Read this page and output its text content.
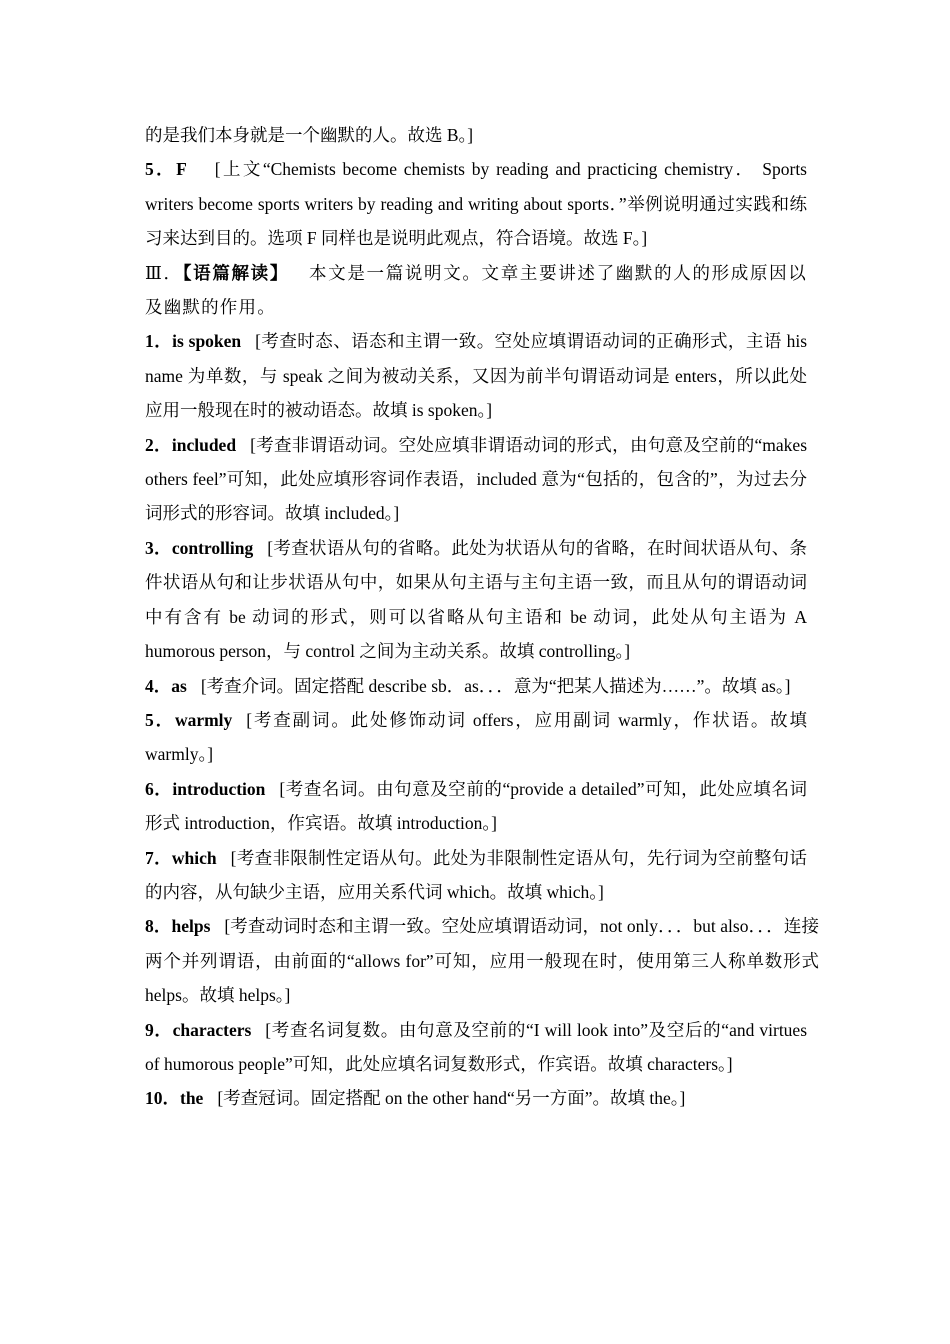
的是我们本身就是一个幽默的人。故选 B。]

5．F [上文“Chemists become chemists by reading and practicing chemistry． Sports writers become sports writers by reading and writing about sports．”举例说明通过实践和练习来达到目的。选项 F 同样也是说明此观点，符合语境。故选 F。]

Ⅲ．【语篇解读】 本文是一篇说明文。文章主要讲述了幽默的人的形成原因以及幽默的作用。

1．is spoken [考查时态、语态和主谓一致。空处应填谓语动词的正确形式，主语 his name 为单数，与 speak 之间为被动关系，又因为前半句谓语动词是 enters，所以此处应用一般现在时的被动语态。故填 is spoken。]

2．included [考查非谓语动词。空处应填非谓语动词的形式，由句意及空前的“makes others feel”可知，此处应填形容词作表语，included 意为“包括的，包含的”，为过去分词形式的形容词。故填 included。]

3．controlling [考查状语从句的省略。此处为状语从句的省略，在时间状语从句、条件状语从句和让步状语从句中，如果从句主语与主句主语一致，而且从句的谓语动词中有含有 be 动词的形式，则可以省略从句主语和 be 动词，此处从句主语为 A humorous person，与 control 之间为主动关系。故填 controlling。]

4．as [考查介词。固定搭配 describe sb．as．．．意为“把某人描述为……”。故填 as。]

5．warmly [考查副词。此处修饰动词 offers，应用副词 warmly，作状语。故填 warmly。]

6．introduction [考查名词。由句意及空前的“provide a detailed”可知，此处应填名词形式 introduction，作宾语。故填 introduction。]

7．which [考查非限制性定语从句。此处为非限制性定语从句，先行词为空前整句话的内容，从句缺少主语，应用关系代词 which。故填 which。]

8．helps [考查动词时态和主谓一致。空处应填谓语动词，not only．．．but also．．．连接两个并列谓语，由前面的“allows for”可知，应用一般现在时，使用第三人称单数形式 helps。故填 helps。]

9．characters [考查名词复数。由句意及空前的“I will look into”及空后的“and virtues of humorous people”可知，此处应填名词复数形式，作宾语。故填 characters。]

10．the [考查冠词。固定搭配 on the other hand“另一方面”。故填 the。]
